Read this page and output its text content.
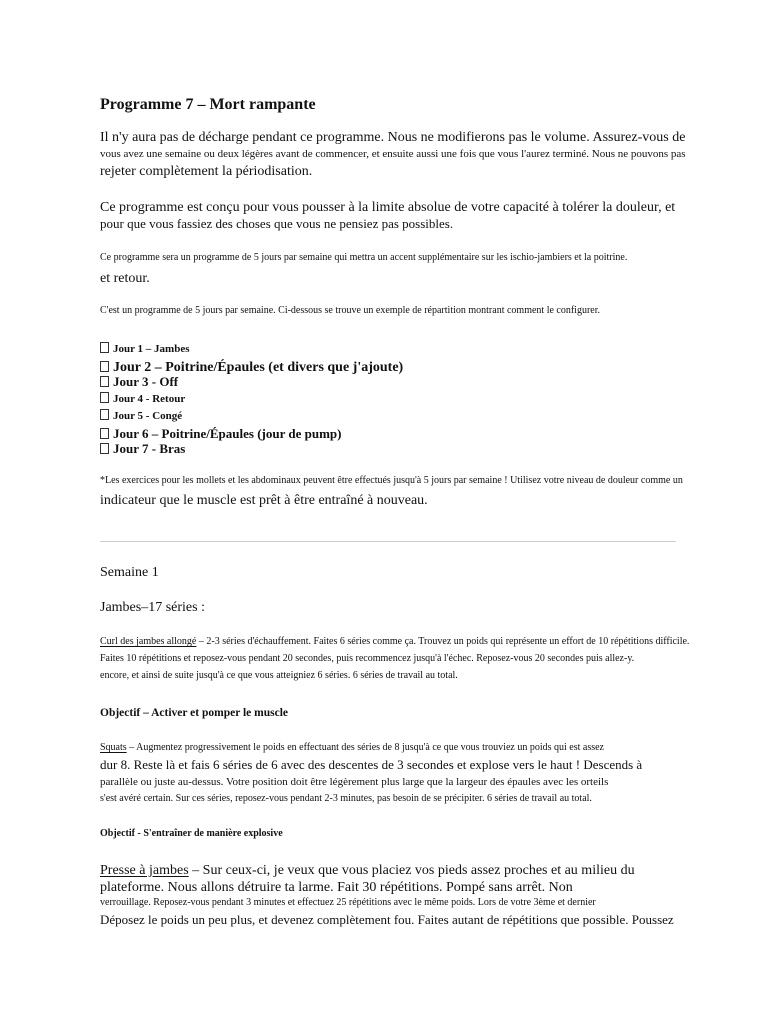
Programme 7 – Mort rampante
Il n'y aura pas de décharge pendant ce programme. Nous ne modifierons pas le volume. Assurez-vous de
vous avez une semaine ou deux légères avant de commencer, et ensuite aussi une fois que vous l'aurez terminé. Nous ne pouvons pas
rejeter complètement la périodisation.
Ce programme est conçu pour vous pousser à la limite absolue de votre capacité à tolérer la douleur, et
pour que vous fassiez des choses que vous ne pensiez pas possibles.
Ce programme sera un programme de 5 jours par semaine qui mettra un accent supplémentaire sur les ischio-jambiers et la poitrine.
et retour.
C'est un programme de 5 jours par semaine. Ci-dessous se trouve un exemple de répartition montrant comment le configurer.
Jour 1 – Jambes
Jour 2 – Poitrine/Épaules (et divers que j'ajoute)
Jour 3 - Off
Jour 4 - Retour
Jour 5 - Congé
Jour 6 – Poitrine/Épaules (jour de pump)
Jour 7 - Bras
*Les exercices pour les mollets et les abdominaux peuvent être effectués jusqu'à 5 jours par semaine ! Utilisez votre niveau de douleur comme un
indicateur que le muscle est prêt à être entraîné à nouveau.
Semaine 1
Jambes–17 séries :
Curl des jambes allongé – 2-3 séries d'échauffement. Faites 6 séries comme ça. Trouvez un poids qui représente un effort de 10 répétitions difficile.
Faites 10 répétitions et reposez-vous pendant 20 secondes, puis recommencez jusqu'à l'échec. Reposez-vous 20 secondes puis allez-y.
encore, et ainsi de suite jusqu'à ce que vous atteigniez 6 séries. 6 séries de travail au total.
Objectif – Activer et pomper le muscle
Squats – Augmentez progressivement le poids en effectuant des séries de 8 jusqu'à ce que vous trouviez un poids qui est assez
dur 8. Reste là et fais 6 séries de 6 avec des descentes de 3 secondes et explose vers le haut ! Descends à
parallèle ou juste au-dessus. Votre position doit être légèrement plus large que la largeur des épaules avec les orteils
s'est avéré certain. Sur ces séries, reposez-vous pendant 2-3 minutes, pas besoin de se précipiter. 6 séries de travail au total.
Objectif - S'entraîner de manière explosive
Presse à jambes – Sur ceux-ci, je veux que vous placiez vos pieds assez proches et au milieu du
plateforme. Nous allons détruire ta larme. Fait 30 répétitions. Pompé sans arrêt. Non
verrouillage. Reposez-vous pendant 3 minutes et effectuez 25 répétitions avec le même poids. Lors de votre 3ème et dernier
Déposez le poids un peu plus, et devenez complètement fou. Faites autant de répétitions que possible. Poussez
